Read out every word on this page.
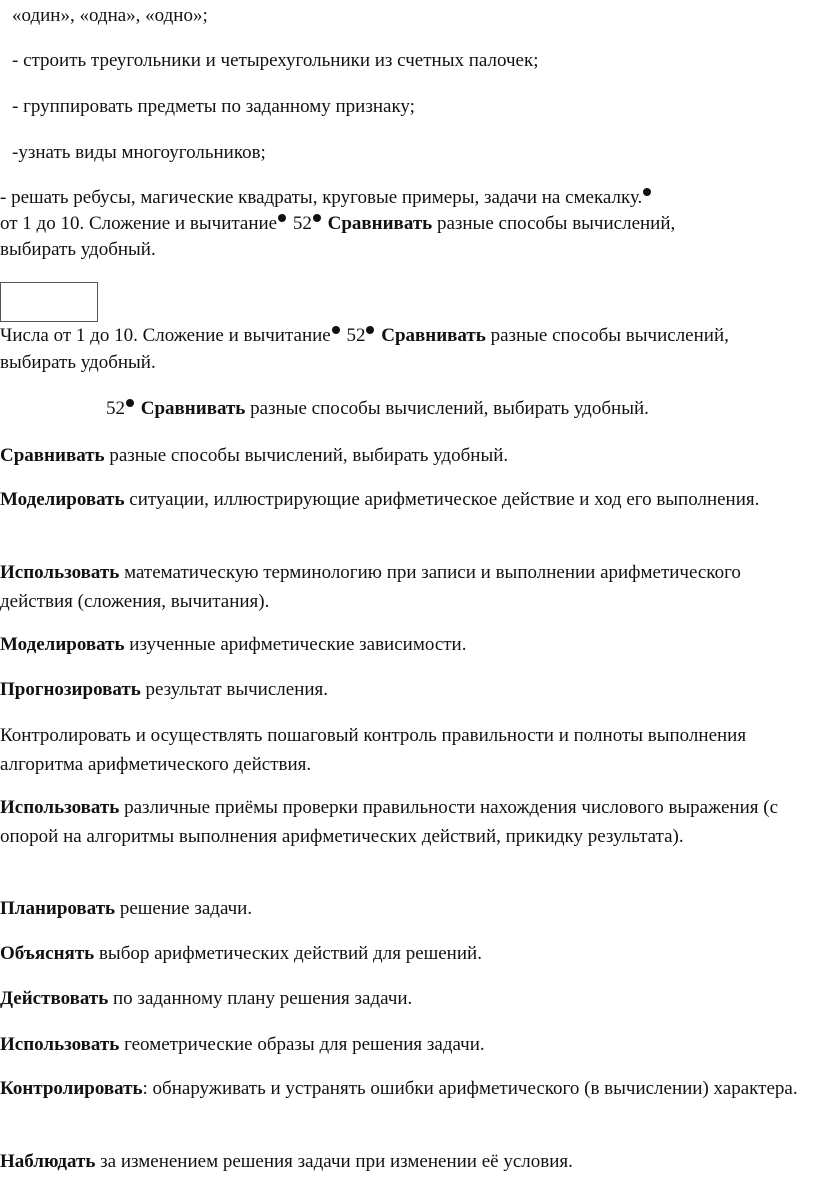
«один», «одна», «одно»;
- строить треугольники и четырехугольники из счетных палочек;
- группировать предметы по заданному признаку;
-узнать виды многоугольников;
- решать ребусы, магические квадраты, круговые примеры, задачи на смекалку.
от 1 до 10. Сложение и вычитание 52 Сравнивать разные способы вычислений,
выбирать удобный.
Числа от 1 до 10. Сложение и вычитание 52 Сравнивать разные способы вычислений,
выбирать удобный.
52 Сравнивать разные способы вычислений, выбирать удобный.
Сравнивать разные способы вычислений, выбирать удобный.
Моделировать ситуации, иллюстрирующие арифметическое действие и ход его выполнения.
Использовать математическую терминологию при записи и выполнении арифметического действия (сложения, вычитания).
Моделировать изученные арифметические зависимости.
Прогнозировать результат вычисления.
Контролировать и осуществлять пошаговый контроль правильности и полноты выполнения алгоритма арифметического действия.
Использовать различные приёмы проверки правильности нахождения числового выражения (с опорой на алгоритмы выполнения арифметических действий, прикидку результата).
Планировать решение задачи.
Объяснять выбор арифметических действий для решений.
Действовать по заданному плану решения задачи.
Использовать геометрические образы для решения задачи.
Контролировать: обнаруживать и устранять ошибки арифметического (в вычислении) характера.
Наблюдать за изменением решения задачи при изменении её условия.
